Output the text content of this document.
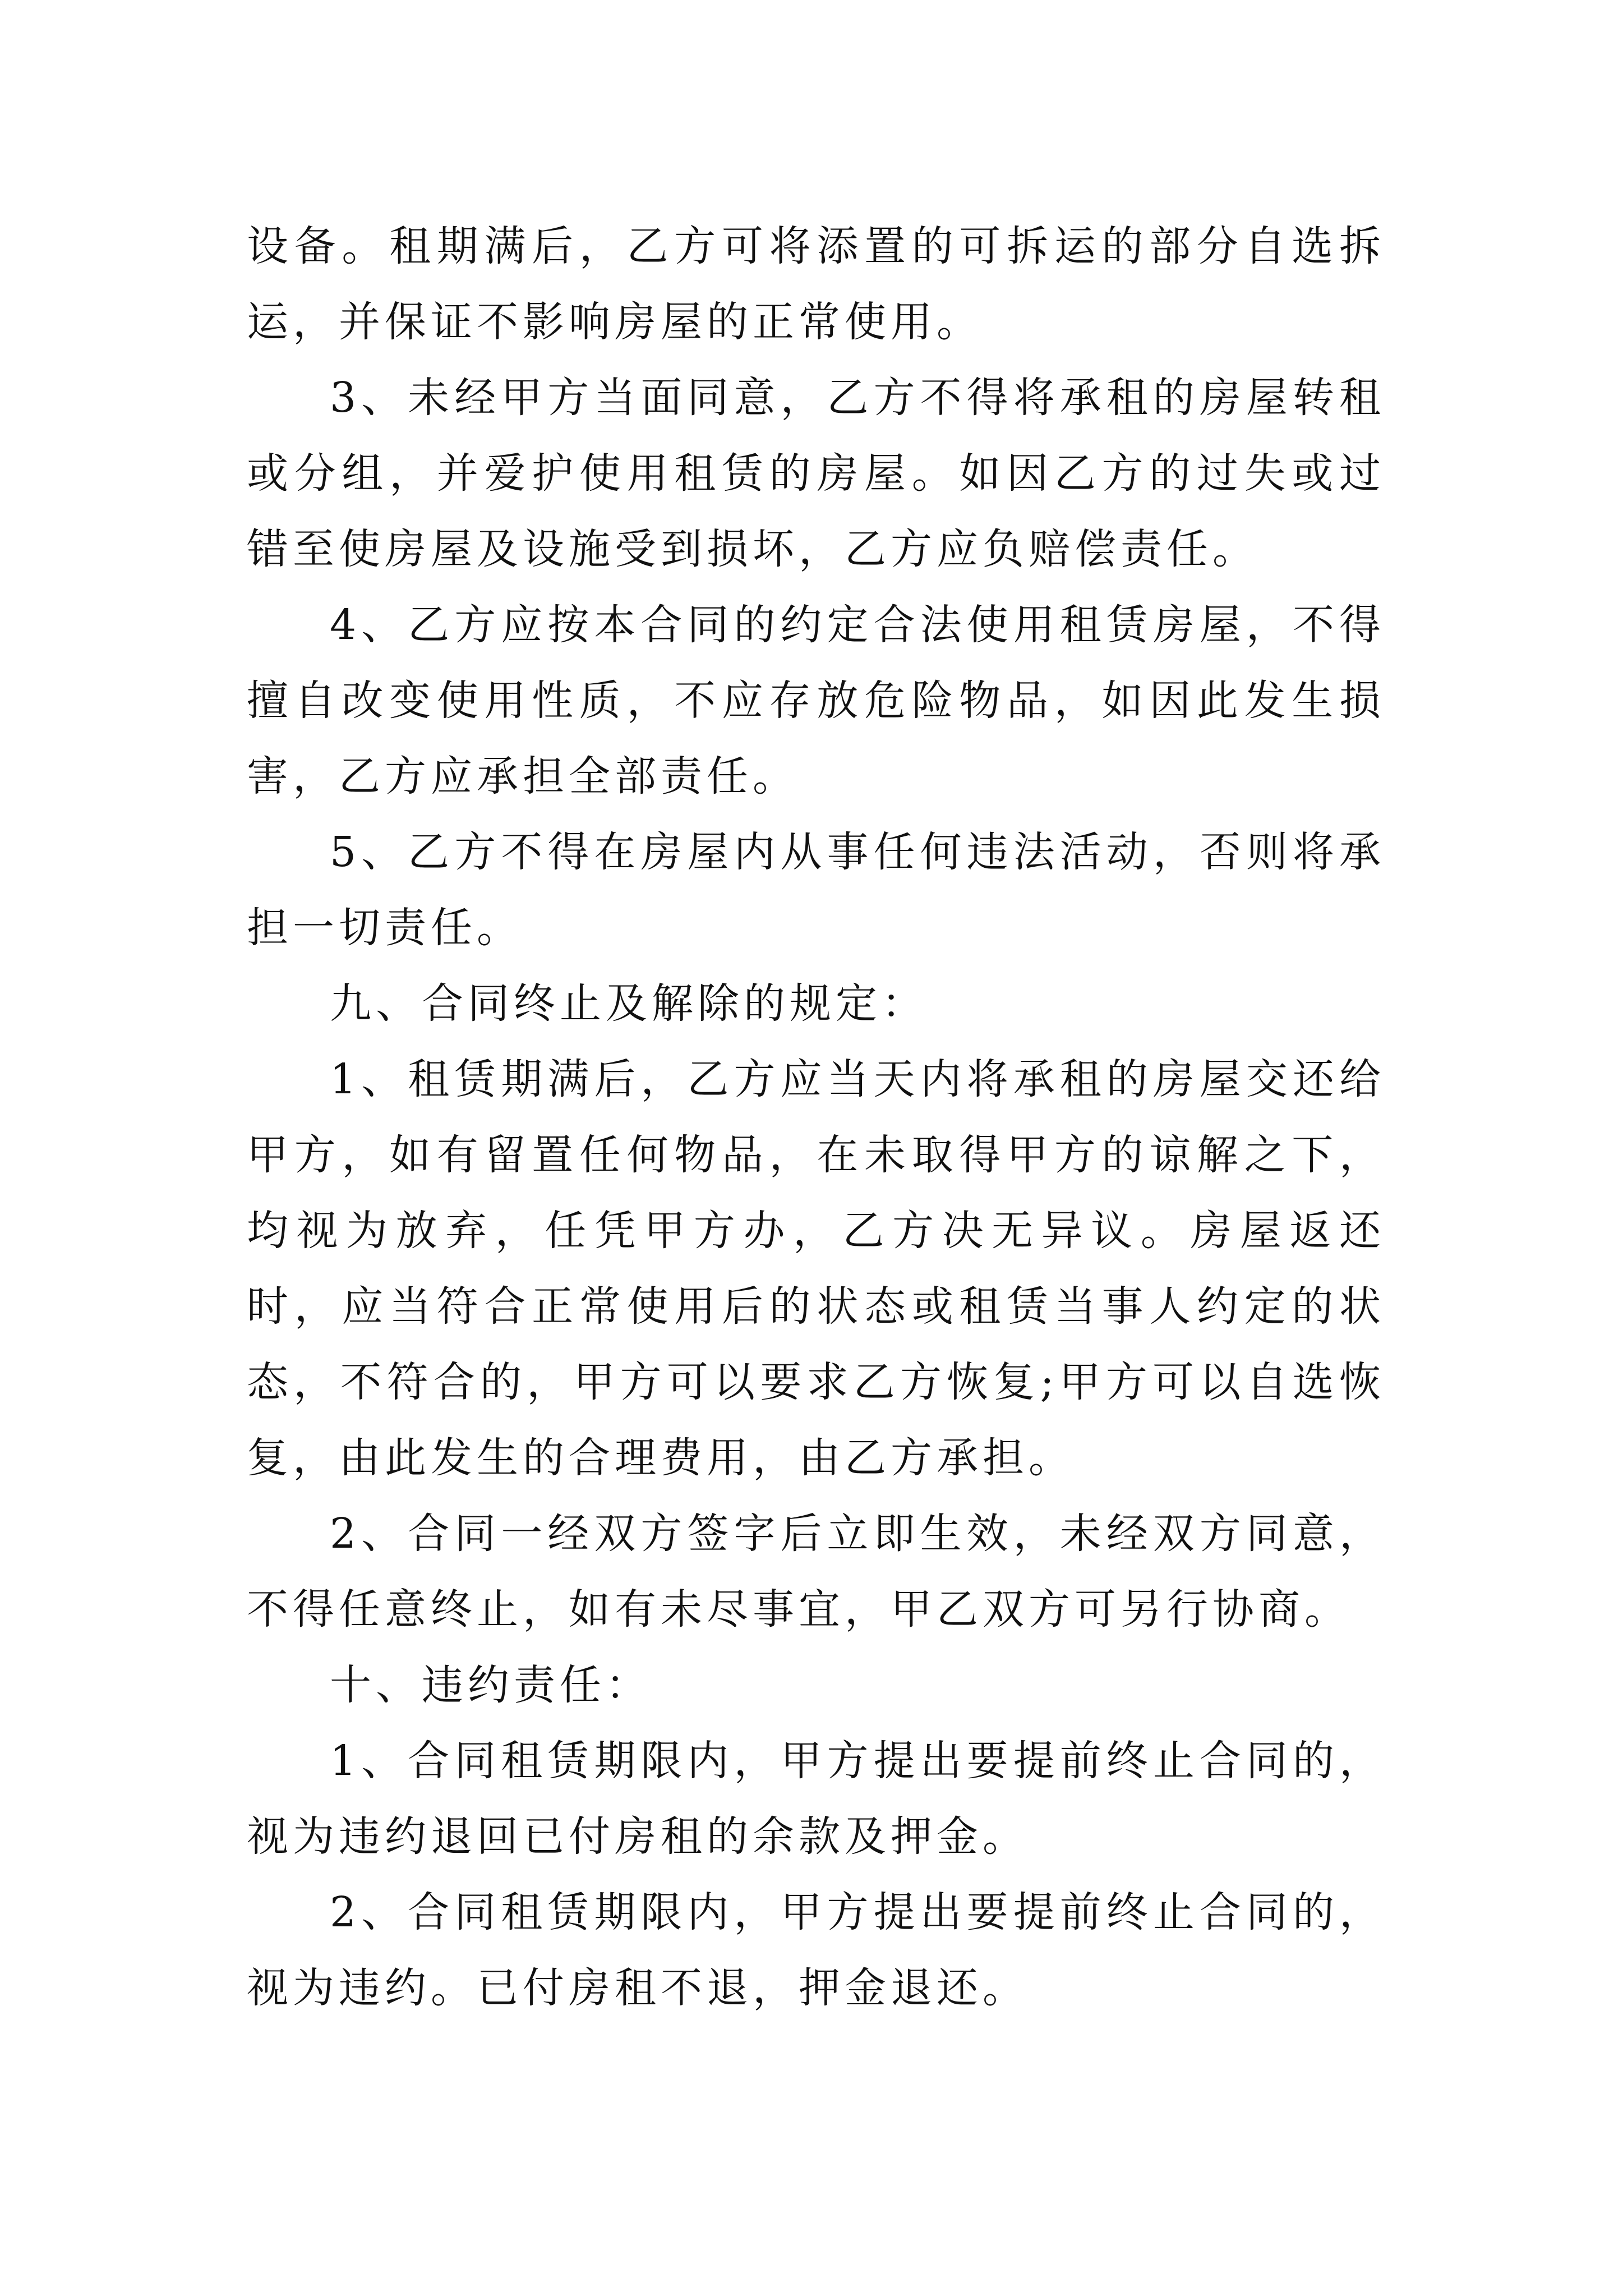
设备。租期满后，乙方可将添置的可拆运的部分自选拆运，并保证不影响房屋的正常使用。

3、未经甲方当面同意，乙方不得将承租的房屋转租或分组，并爱护使用租赁的房屋。如因乙方的过失或过错至使房屋及设施受到损坏，乙方应负赔偿责任。

4、乙方应按本合同的约定合法使用租赁房屋，不得擅自改变使用性质，不应存放危险物品，如因此发生损害，乙方应承担全部责任。

5、乙方不得在房屋内从事任何违法活动，否则将承担一切责任。

九、合同终止及解除的规定：

1、租赁期满后，乙方应当天内将承租的房屋交还给甲方，如有留置任何物品，在未取得甲方的谅解之下，均视为放弃，任凭甲方办，乙方决无异议。房屋返还时，应当符合正常使用后的状态或租赁当事人约定的状态，不符合的，甲方可以要求乙方恢复;甲方可以自选恢复，由此发生的合理费用，由乙方承担。

2、合同一经双方签字后立即生效，未经双方同意，不得任意终止，如有未尽事宜，甲乙双方可另行协商。

十、违约责任：

1、合同租赁期限内，甲方提出要提前终止合同的，视为违约退回已付房租的余款及押金。

2、合同租赁期限内，甲方提出要提前终止合同的，视为违约。已付房租不退，押金退还。
